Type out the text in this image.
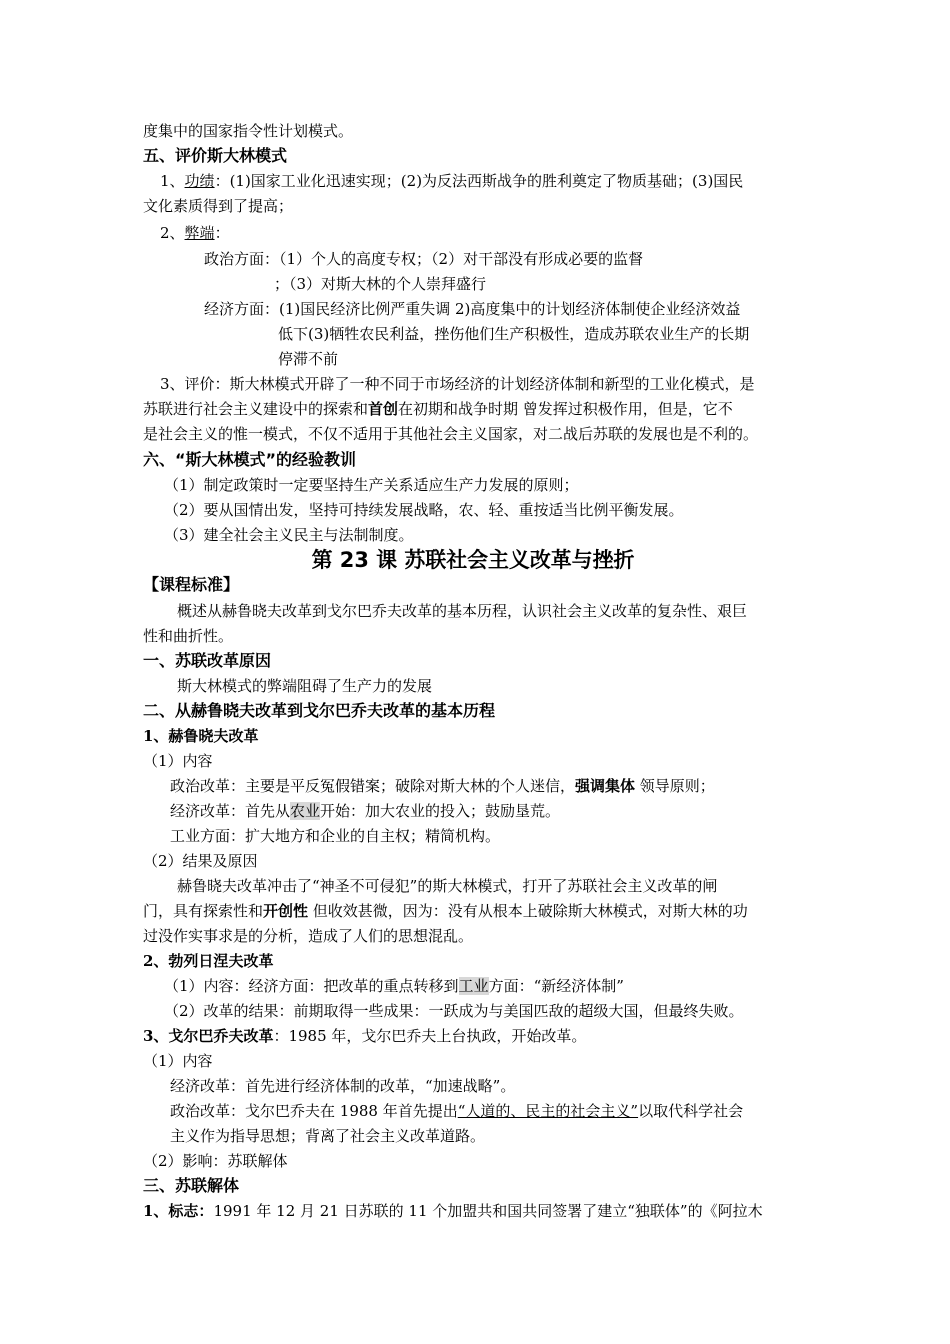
度集中的国家指令性计划模式。
五、评价斯大林模式
1、功绩：(1)国家工业化迅速实现；(2)为反法西斯战争的胜利奠定了物质基础；(3)国民
文化素质得到了提高；
2、弊端：
政治方面：（1）个人的高度专权；（2）对干部没有形成必要的监督
；（3）对斯大林的个人崇拜盛行
经济方面：(1)国民经济比例严重失调 2)高度集中的计划经济体制使企业经济效益
低下(3)牺牲农民利益，挫伤他们生产积极性，造成苏联农业生产的长期
停滞不前
3、评价：斯大林模式开辟了一种不同于市场经济的计划经济体制和新型的工业化模式，是
苏联进行社会主义建设中的探索和首创在初期和战争时期 曾发挥过积极作用，但是，它不
是社会主义的惟一模式，不仅不适用于其他社会主义国家，对二战后苏联的发展也是不利的。
六、“斯大林模式”的经验教训
（1）制定政策时一定要坚持生产关系适应生产力发展的原则；
（2）要从国情出发，坚持可持续发展战略，农、轻、重按适当比例平衡发展。
（3）建全社会主义民主与法制制度。
第 23 课 苏联社会主义改革与挫折
【课程标准】
概述从赫鲁晓夫改革到戈尔巴乔夫改革的基本历程，认识社会主义改革的复杂性、艰巨
性和曲折性。
一、苏联改革原因
斯大林模式的弊端阻碍了生产力的发展
二、从赫鲁晓夫改革到戈尔巴乔夫改革的基本历程
1、赫鲁晓夫改革
（1）内容
政治改革：主要是平反冤假错案；破除对斯大林的个人迷信，强调集体 领导原则；
经济改革：首先从农业开始：加大农业的投入；鼓励垦荒。
工业方面：扩大地方和企业的自主权；精简机构。
（2）结果及原因
赫鲁晓夫改革冲击了“神圣不可侵犯”的斯大林模式，打开了苏联社会主义改革的闸
门，具有探索性和开创性 但收效甚微，因为：没有从根本上破除斯大林模式，对斯大林的功
过没作实事求是的分析，造成了人们的思想混乱。
2、勃列日涅夫改革
（1）内容：经济方面：把改革的重点转移到工业方面：“新经济体制”
（2）改革的结果：前期取得一些成果：一跃成为与美国匹敌的超级大国，但最终失败。
3、戈尔巴乔夫改革：1985 年，戈尔巴乔夫上台执政，开始改革。
（1）内容
经济改革：首先进行经济体制的改革，“加速战略”。
政治改革：戈尔巴乔夫在 1988 年首先提出“人道的、民主的社会主义”以取代科学社会
主义作为指导思想；背离了社会主义改革道路。
（2）影响：苏联解体
三、苏联解体
1、标志：1991 年 12 月 21 日苏联的 11 个加盟共和国共同签署了建立“独联体”的《阿拉木
